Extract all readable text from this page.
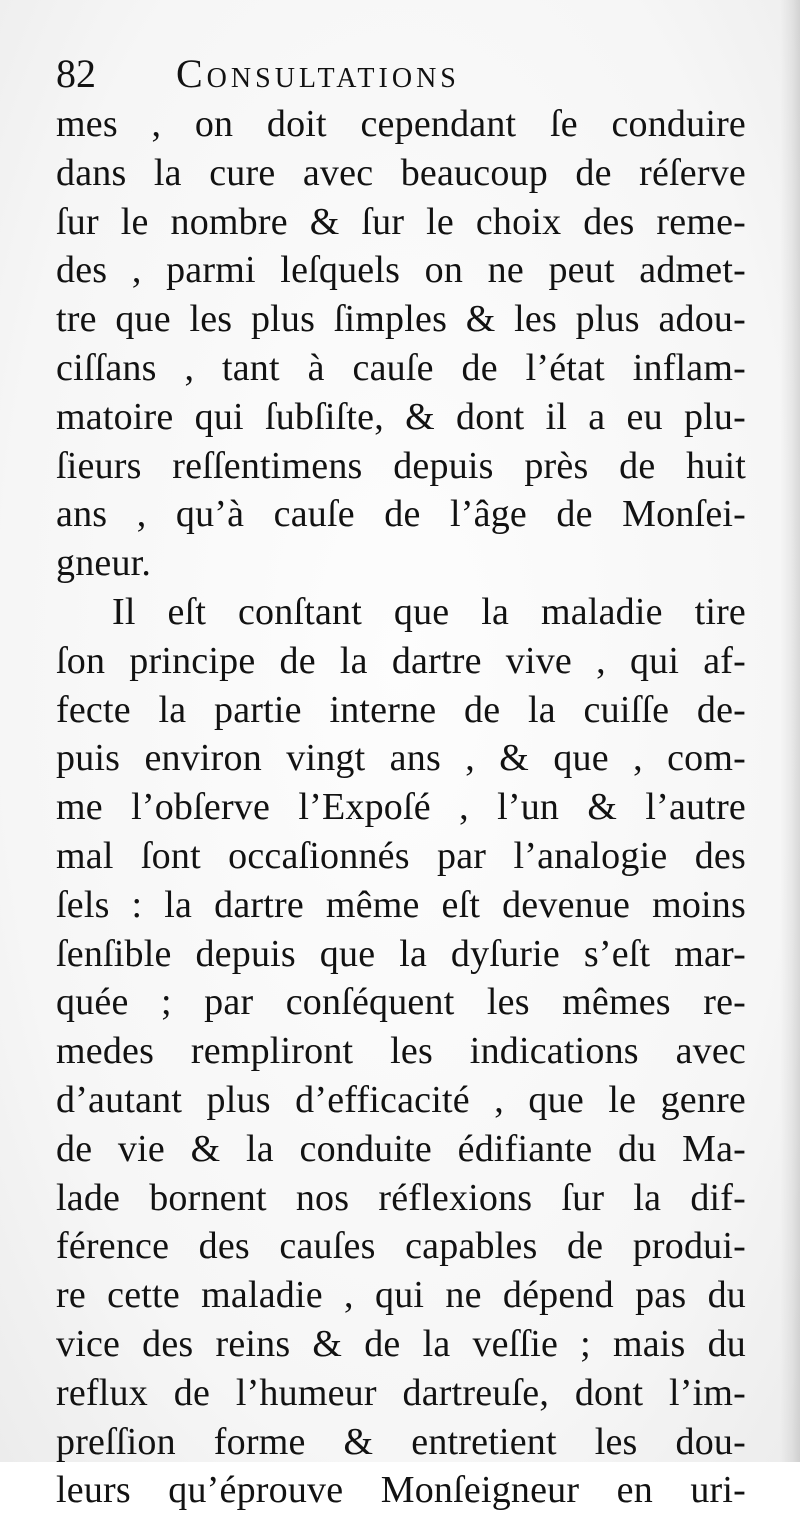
82 Consultations
mes , on doit cependant ſe conduire
dans la cure avec beaucoup de réſerve
ſur le nombre & ſur le choix des reme-
des , parmi leſquels on ne peut admet-
tre que les plus ſimples & les plus adou-
ciſſans , tant à cauſe de l’état inflam-
matoire qui ſubſiſte, & dont il a eu plu-
ſieurs reſſentimens depuis près de huit
ans , qu’à cauſe de l’âge de Monſei-
gneur.
Il eſt conſtant que la maladie tire
ſon principe de la dartre vive , qui af-
fecte la partie interne de la cuiſſe de-
puis environ vingt ans , & que , com-
me l’obſerve l’Expoſé , l’un & l’autre
mal ſont occaſionnés par l’analogie des
ſels : la dartre même eſt devenue moins
ſenſible depuis que la dyſurie s’eſt mar-
quée ; par conſéquent les mêmes re-
medes rempliront les indications avec
d’autant plus d’efficacité , que le genre
de vie & la conduite édifiante du Ma-
lade bornent nos réflexions ſur la dif-
férence des cauſes capables de produi-
re cette maladie , qui ne dépend pas du
vice des reins & de la veſſie ; mais du
reflux de l’humeur dartreuſe, dont l’im-
preſſion forme & entretient les dou-
leurs qu’éprouve Monſeigneur en uri-
